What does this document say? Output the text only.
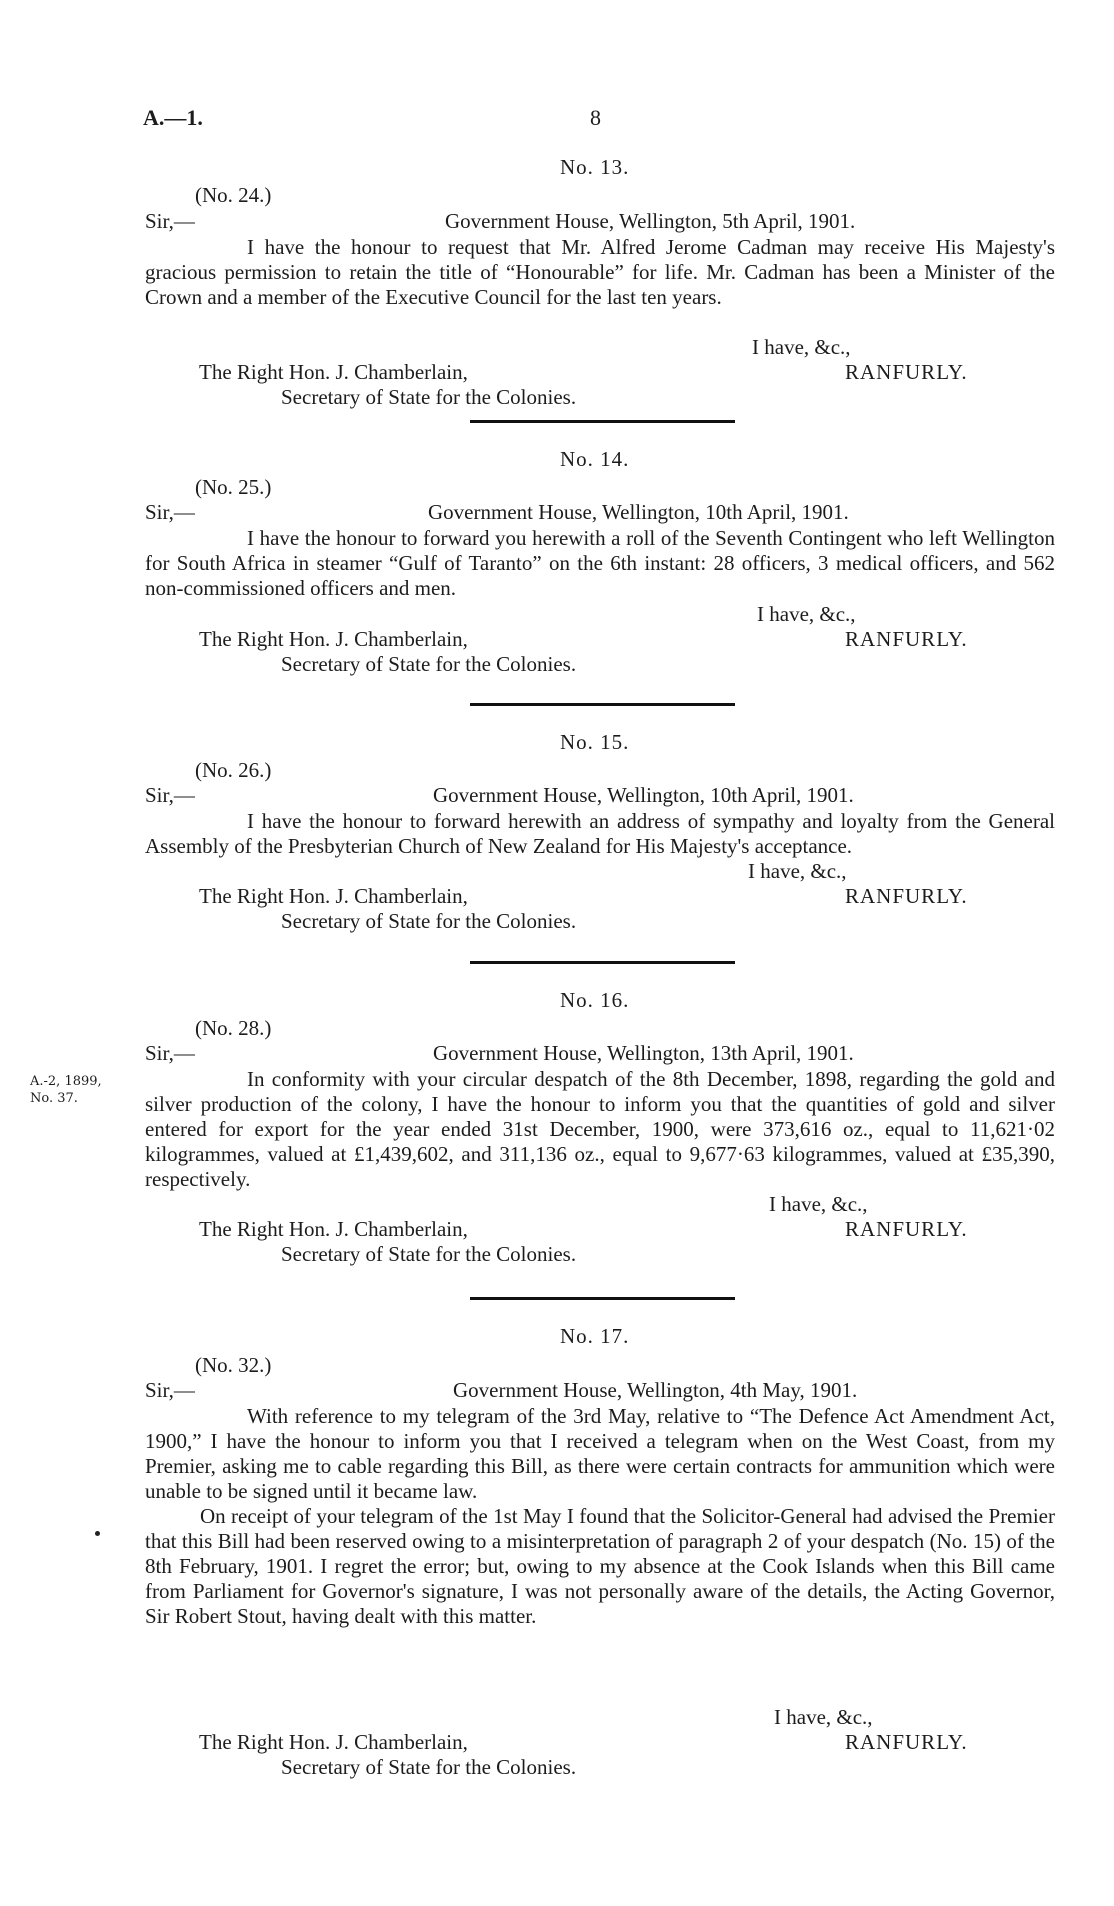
A.—1.	8
No. 13.
(No. 24.)
Sir,—	Government House, Wellington, 5th April, 1901.

I have the honour to request that Mr. Alfred Jerome Cadman may receive His Majesty's gracious permission to retain the title of “Honourable” for life. Mr. Cadman has been a Minister of the Crown and a member of the Executive Council for the last ten years.

I have, &c.,
The Right Hon. J. Chamberlain,	RANFURLY.
Secretary of State for the Colonies.
No. 14.
(No. 25.)
Sir,—	Government House, Wellington, 10th April, 1901.

I have the honour to forward you herewith a roll of the Seventh Contingent who left Wellington for South Africa in steamer “Gulf of Taranto” on the 6th instant: 28 officers, 3 medical officers, and 562 non-commissioned officers and men.

I have, &c.,
The Right Hon. J. Chamberlain,	RANFURLY.
Secretary of State for the Colonies.
No. 15.
(No. 26.)
Sir,—	Government House, Wellington, 10th April, 1901.

I have the honour to forward herewith an address of sympathy and loyalty from the General Assembly of the Presbyterian Church of New Zealand for His Majesty's acceptance.

I have, &c.,
The Right Hon. J. Chamberlain,	RANFURLY.
Secretary of State for the Colonies.
No. 16.
(No. 28.)
Sir,—	Government House, Wellington, 13th April, 1901.
A.-2, 1899,
No. 37.

In conformity with your circular despatch of the 8th December, 1898, regarding the gold and silver production of the colony, I have the honour to inform you that the quantities of gold and silver entered for export for the year ended 31st December, 1900, were 373,616 oz., equal to 11,621·02 kilogrammes, valued at £1,439,602, and 311,136 oz., equal to 9,677·63 kilogrammes, valued at £35,390, respectively.

I have, &c.,
The Right Hon. J. Chamberlain,	RANFURLY.
Secretary of State for the Colonies.
No. 17.
(No. 32.)
Sir,—	Government House, Wellington, 4th May, 1901.

With reference to my telegram of the 3rd May, relative to “The Defence Act Amendment Act, 1900,” I have the honour to inform you that I received a telegram when on the West Coast, from my Premier, asking me to cable regarding this Bill, as there were certain contracts for ammunition which were unable to be signed until it became law.

On receipt of your telegram of the 1st May I found that the Solicitor-General had advised the Premier that this Bill had been reserved owing to a misinterpretation of paragraph 2 of your despatch (No. 15) of the 8th February, 1901. I regret the error; but, owing to my absence at the Cook Islands when this Bill came from Parliament for Governor's signature, I was not personally aware of the details, the Acting Governor, Sir Robert Stout, having dealt with this matter.

I have, &c.,
The Right Hon. J. Chamberlain,	RANFURLY.
Secretary of State for the Colonies.
